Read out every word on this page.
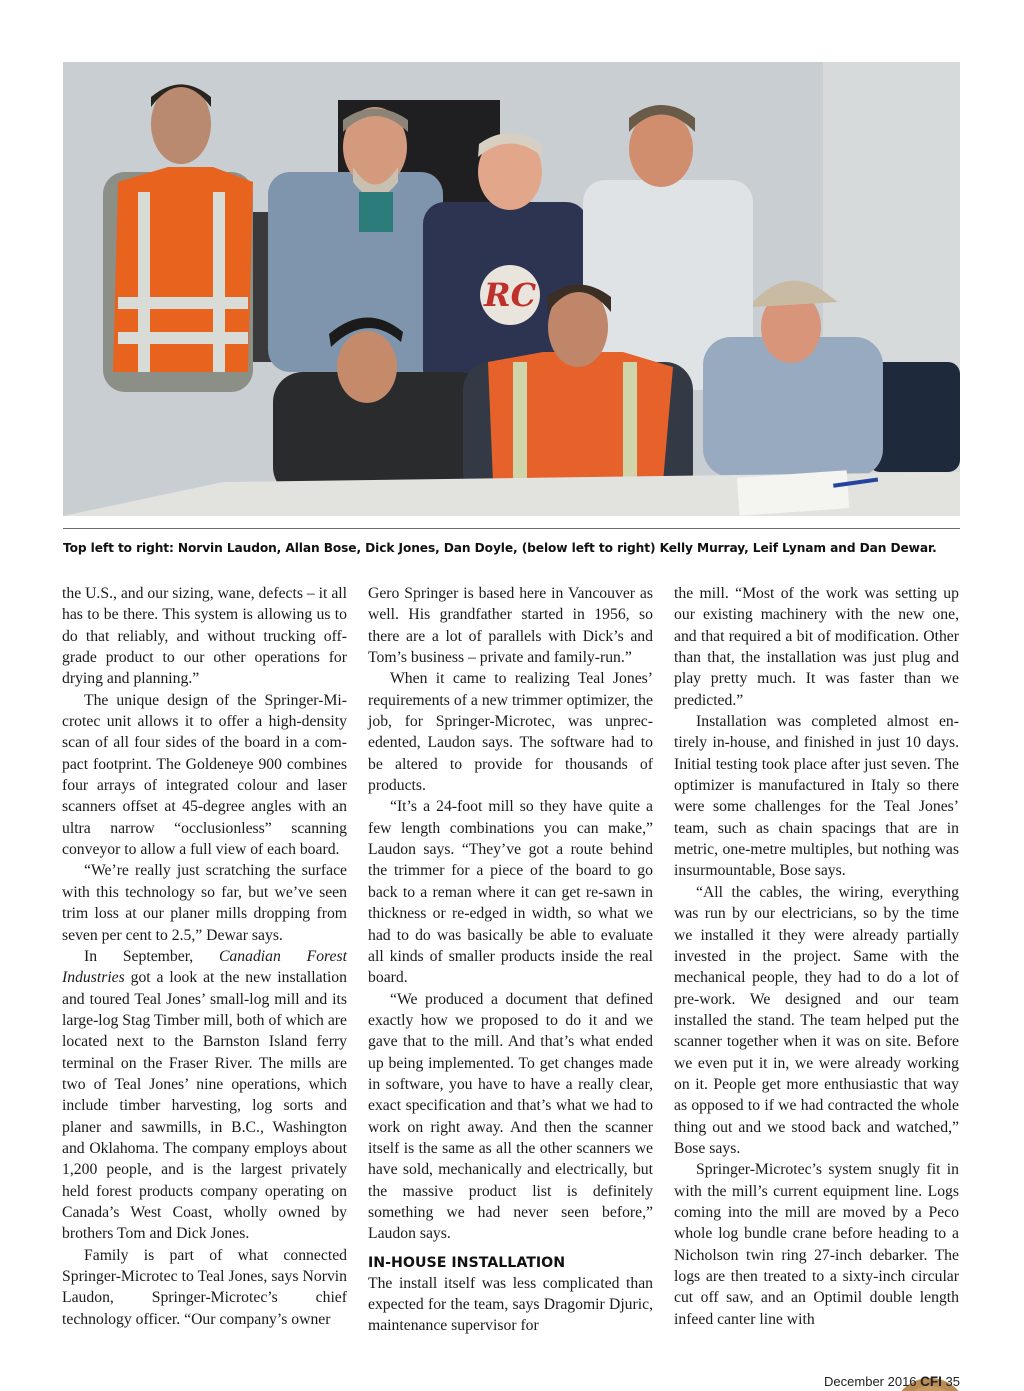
RC
Top left to right: Norvin Laudon, Allan Bose, Dick Jones, Dan Doyle, (below left to right) Kelly Murray, Leif Lynam and Dan Dewar.

the U.S., and our sizing, wane, defects – it all has to be there. This system is allowing us to do that reliably, and without trucking off-grade product to our other operations for drying and planning.”

The unique design of the Springer-Microtec unit allows it to offer a high-density scan of all four sides of the board in a compact footprint. The Goldeneye 900 combines four arrays of integrated colour and laser scanners offset at 45-degree angles with an ultra narrow “occlusionless” scanning conveyor to allow a full view of each board.

“We’re really just scratching the surface with this technology so far, but we’ve seen trim loss at our planer mills dropping from seven per cent to 2.5,” Dewar says.

In September, Canadian Forest Industries got a look at the new installation and toured Teal Jones’ small-log mill and its large-log Stag Timber mill, both of which are located next to the Barnston Island ferry terminal on the Fraser River. The mills are two of Teal Jones’ nine operations, which include timber harvesting, log sorts and planer and sawmills, in B.C., Washington and Oklahoma. The company employs about 1,200 people, and is the largest privately held forest products company operating on Canada’s West Coast, wholly owned by brothers Tom and Dick Jones.

Family is part of what connected Springer-Microtec to Teal Jones, says Norvin Laudon, Springer-Microtec’s chief technology officer. “Our company’s owner

Gero Springer is based here in Vancouver as well. His grandfather started in 1956, so there are a lot of parallels with Dick’s and Tom’s business – private and family-run.”

When it came to realizing Teal Jones’ requirements of a new trimmer optimizer, the job, for Springer-Microtec, was unprecedented, Laudon says. The software had to be altered to provide for thousands of products.

“It’s a 24-foot mill so they have quite a few length combinations you can make,” Laudon says. “They’ve got a route behind the trimmer for a piece of the board to go back to a reman where it can get re-sawn in thickness or re-edged in width, so what we had to do was basically be able to evaluate all kinds of smaller products inside the real board.

“We produced a document that defined exactly how we proposed to do it and we gave that to the mill. And that’s what ended up being implemented. To get changes made in software, you have to have a really clear, exact specification and that’s what we had to work on right away. And then the scanner itself is the same as all the other scanners we have sold, mechanically and electrically, but the massive product list is definitely something we had never seen before,” Laudon says.

IN-HOUSE INSTALLATION

The install itself was less complicated than expected for the team, says Dragomir Djuric, maintenance supervisor for

the mill. “Most of the work was setting up our existing machinery with the new one, and that required a bit of modification. Other than that, the installation was just plug and play pretty much. It was faster than we predicted.”

Installation was completed almost entirely in-house, and finished in just 10 days. Initial testing took place after just seven. The optimizer is manufactured in Italy so there were some challenges for the Teal Jones’ team, such as chain spacings that are in metric, one-metre multiples, but nothing was insurmountable, Bose says.

“All the cables, the wiring, everything was run by our electricians, so by the time we installed it they were already partially invested in the project. Same with the mechanical people, they had to do a lot of pre-work. We designed and our team installed the stand. The team helped put the scanner together when it was on site. Before we even put it in, we were already working on it. People get more enthusiastic that way as opposed to if we had contracted the whole thing out and we stood back and watched,” Bose says.

Springer-Microtec’s system snugly fit in with the mill’s current equipment line. Logs coming into the mill are moved by a Peco whole log bundle crane before heading to a Nicholson twin ring 27-inch debarker. The logs are then treated to a sixty-inch circular cut off saw, and an Optimil double length infeed canter line with

December 2016 CFI 35
